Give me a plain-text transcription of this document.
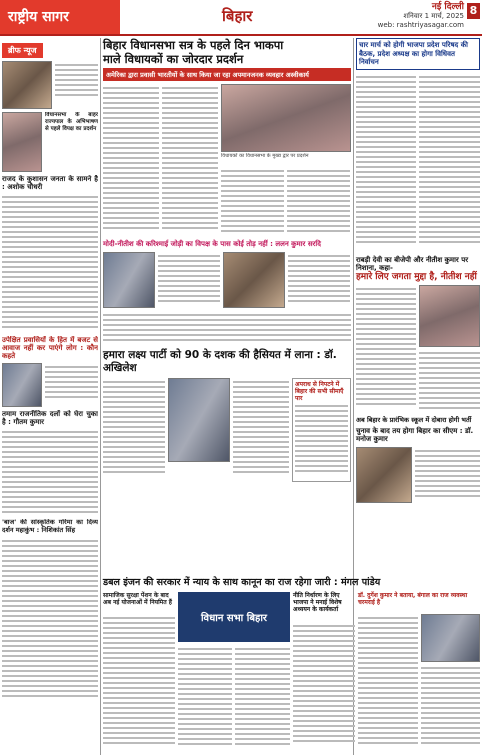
राष्ट्रीय सागर	बिहार	नई दिल्ली
शनिवार 1 मार्च, 2025
web: rashtriyasagar.com
8
ब्रीफ न्यूज
विधानसभा के बाहर राज्यपाल के अभिभाषण से पहले विपक्ष का प्रदर्शन
राजद के कुशासन जनता के सामने है : अशोक चौधरी
उपेक्षित प्रवासियों के हित में बजट से आवाज नहीं कर पाएंगे लोग : कौन कहते
तमाम राजनीतिक दलों को घेरा चुका है : गौतम कुमार
'बाज' की सांस्कृतिक गरिमा का दिव्य दर्शन महाकुंभ : निशिकांत सिंह
बिहार विधानसभा सत्र के पहले दिन भाकपा
माले विधायकों का जोरदार प्रदर्शन
अमेरिका द्वारा प्रवासी भारतीयों के साथ किया जा रहा अपमानजनक व्यवहार अस्वीकार्य
विधायकों का विधानसभा के मुख्य द्वार पर प्रदर्शन
मोदी-नीतीश की करिश्माई जोड़ी का विपक्ष के पास कोई तोड़ नहीं : ललन कुमार सरदि
हमारा लक्ष्य पार्टी को 90 के दशक की हैसियत में लाना : डॉ. अखिलेश
अपराध से निपटने में बिहार की सभी सीमाएँ पार
चार मार्च को होगी भाजपा प्रदेश परिषद की बैठक, प्रदेश अध्यक्ष का होगा विधिवत निर्वाचन
राबड़ी देवी का बीजेपी और नीतीश कुमार पर निशाना, कहा-
हमारे लिए जगता मुद्दा है, नीतीश नहीं
अब बिहार के प्रारंभिक स्कूल में दोबारा होगी भर्ती
चुनाव के बाद तय होगा बिहार का सीएम : डॉ. मनोज कुमार
डबल इंजन की सरकार में न्याय के साथ कानून का राज रहेगा जारी : मंगल पांडेय
सामाजिक सुरक्षा पेंशन के बाद अब नई योजनाओं में नियमित हैं
विधान सभा बिहार
नीति निर्धारण के लिए भाजपा ने मनाई विशेष अध्ययन के कार्यकर्ता
डॉ. दुर्गेश कुमार ने बताया, बंगाल का राज व्यवस्था चरमराई है
